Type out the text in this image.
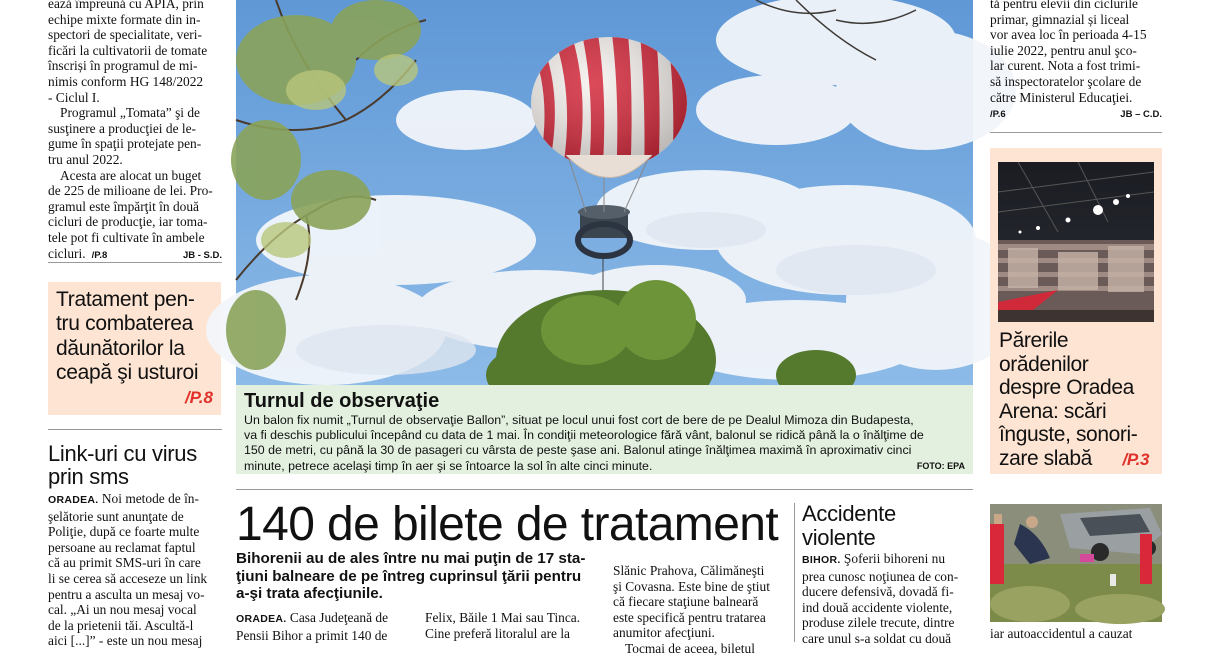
ează împreună cu APIA, prin

echipe mixte formate din in-

spectori de specialitate, veri-

ficări la cultivatorii de tomate

înscriși în programul de mi-

nimis conform HG 148/2022

- Ciclul I.

Programul „Tomata” şi de

susţinere a producţiei de le-

gume în spaţii protejate pen-

tru anul 2022.

Acesta are alocat un buget

de 225 de milioane de lei. Pro-

gramul este împărţit în două

cicluri de producţie, iar toma-

tele pot fi cultivate în ambele

cicluri. /P.8	JB - S.D.
Link-uri cu virus
prin sms

ORADEA. Noi metode de în-

şelătorie sunt anunţate de

Poliţie, după ce foarte multe

persoane au reclamat faptul

că au primit SMS-uri în care

li se cerea să acceseze un link

pentru a asculta un mesaj vo-

cal. „Ai un nou mesaj vocal

de la prietenii tăi. Ascultă-l

aici [...]” - este un nou mesaj

Tratament pen-
tru combaterea
dăunătorilor la
ceapă şi usturoi
/P.8 Turnul de observaţie
Un balon fix numit „Turnul de observaţie Ballon”, situat pe locul unui fost cort de bere de pe Dealul Mimoza din Budapesta,
va fi deschis publicului începând cu data de 1 mai. În condiţii meteorologice fără vânt, balonul se ridică până la o înălţime de
150 de metri, cu până la 30 de pasageri cu vârsta de peste şase ani. Balonul atinge înălţimea maximă în aproximativ cinci
minute, petrece acelaşi timp în aer şi se întoarce la sol în alte cinci minute.	FOTO: EPA

tă pentru elevii din ciclurile

primar, gimnazial și liceal

vor avea loc în perioada 4-15

iulie 2022, pentru anul şco-

lar curent. Nota a fost trimi-

să inspectoratelor şcolare de

către Ministerul Educaţiei.

/P.6	JB – C.D.
Părerile
orădenilor
despre Oradea
Arena: scări
înguste, sonori-
zare slabă /P.3
140 de bilete de tratament
Bihorenii au de ales între nu mai puţin de 17 sta-
ţiuni balneare de pe întreg cuprinsul ţării pentru
a-şi trata afecţiunile.
ORADEA. Casa Judeţeană de
Pensii Bihor a primit 140 de
Felix, Băile 1 Mai sau Tinca.
Cine preferă litoralul are la
Slănic Prahova, Călimăneşti
şi Covasna. Este bine de ştiut
că fiecare staţiune balneară
este specifică pentru tratarea
anumitor afecţiuni.
Tocmai de aceea, biletul
Accidente
violente

BIHOR. Şoferii bihoreni nu

prea cunosc noţiunea de con-

ducere defensivă, dovadă fi-

ind două accidente violente,

produse zilele trecute, dintre

care unul s-a soldat cu două	iar autoaccidentul a cauzat
